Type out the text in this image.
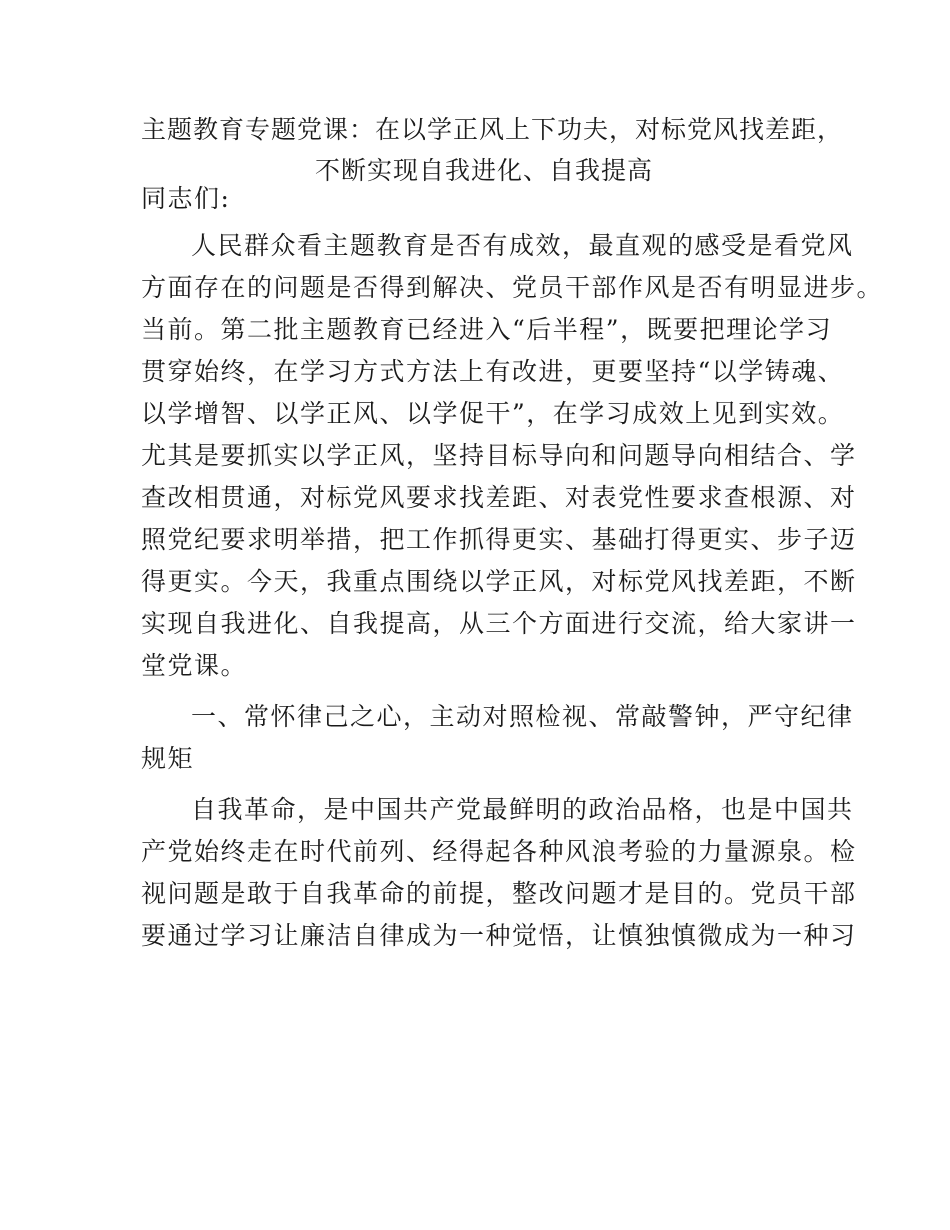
主题教育专题党课：在以学正风上下功夫，对标党风找差距，
不断实现自我进化、自我提高
同志们:
人民群众看主题教育是否有成效，最直观的感受是看党风
方面存在的问题是否得到解决、党员干部作风是否有明显进步。
当前。第二批主题教育已经进入“后半程”，既要把理论学习
贯穿始终，在学习方式方法上有改进，更要坚持“以学铸魂、
以学增智、以学正风、以学促干”，在学习成效上见到实效。
尤其是要抓实以学正风，坚持目标导向和问题导向相结合、学
查改相贯通，对标党风要求找差距、对表党性要求查根源、对
照党纪要求明举措，把工作抓得更实、基础打得更实、步子迈
得更实。今天，我重点围绕以学正风，对标党风找差距，不断
实现自我进化、自我提高，从三个方面进行交流，给大家讲一
堂党课。
一、常怀律己之心，主动对照检视、常敲警钟，严守纪律
规矩
自我革命，是中国共产党最鲜明的政治品格，也是中国共
产党始终走在时代前列、经得起各种风浪考验的力量源泉。检
视问题是敢于自我革命的前提，整改问题才是目的。党员干部
要通过学习让廉洁自律成为一种觉悟，让慎独慎微成为一种习
